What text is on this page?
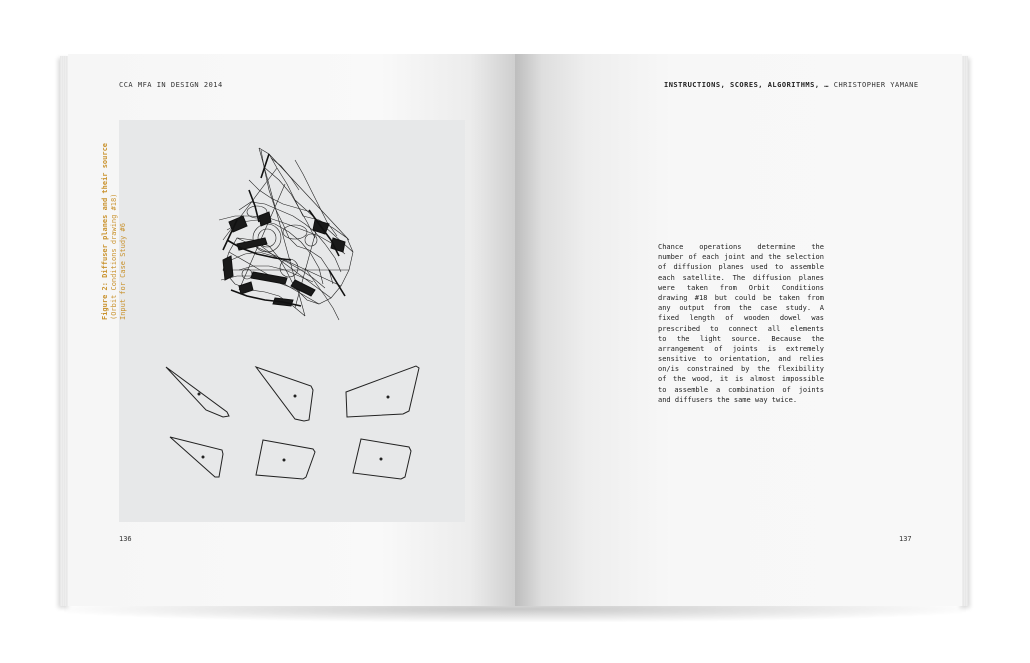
CCA MFA IN DESIGN 2014	INSTRUCTIONS, SCORES, ALGORITHMS, … CHRISTOPHER YAMANE
Figure 2: Diffuser planes and their source (Orbit Conditions drawing #18) Input for Case Study #6
136	137
Chance operations determine the
number of each joint and the selection
of diffusion planes used to assemble
each satellite. The diffusion planes
were taken from Orbit Conditions
drawing #18 but could be taken from
any output from the case study. A
fixed length of wooden dowel was
prescribed to connect all elements
to the light source. Because the
arrangement of joints is extremely
sensitive to orientation, and relies
on/is constrained by the flexibility
of the wood, it is almost impossible
to assemble a combination of joints
and diffusers the same way twice.
